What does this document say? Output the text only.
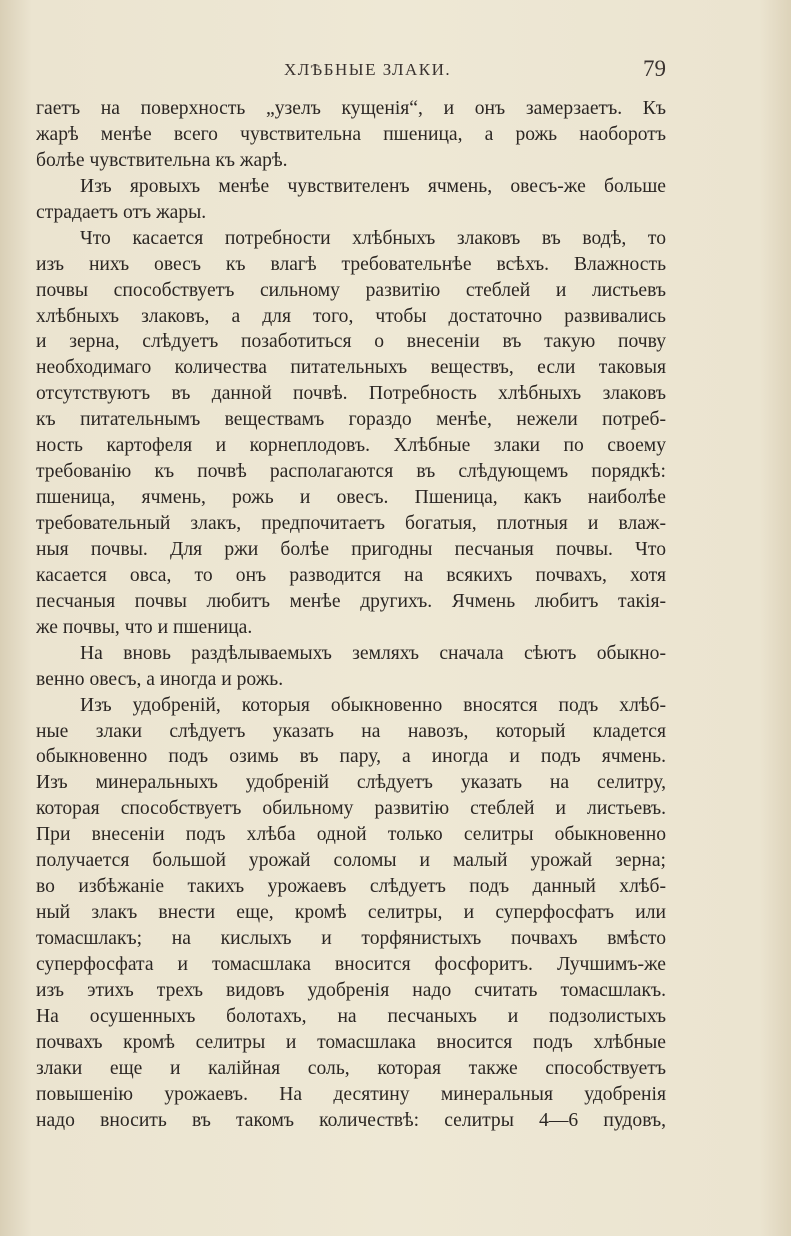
ХЛѢБНЫЕ ЗЛАКИ.	79
гаетъ на поверхность „узелъ кущенія“, и онъ замерзаетъ. Къ
жарѣ менѣе всего чувствительна пшеница, а рожь наоборотъ
болѣе чувствительна къ жарѣ.
Изъ яровыхъ менѣе чувствителенъ ячмень, овесъ-же больше
страдаетъ отъ жары.
Что касается потребности хлѣбныхъ злаковъ въ водѣ, то
изъ нихъ овесъ къ влагѣ требовательнѣе всѣхъ. Влажность
почвы способствуетъ сильному развитію стеблей и листьевъ
хлѣбныхъ злаковъ, а для того, чтобы достаточно развивались
и зерна, слѣдуетъ позаботиться о внесеніи въ такую почву
необходимаго количества питательныхъ веществъ, если таковыя
отсутствуютъ въ данной почвѣ. Потребность хлѣбныхъ злаковъ
къ питательнымъ веществамъ гораздо менѣе, нежели потреб-
ность картофеля и корнеплодовъ. Хлѣбные злаки по своему
требованію къ почвѣ располагаются въ слѣдующемъ порядкѣ:
пшеница, ячмень, рожь и овесъ. Пшеница, какъ наиболѣе
требовательный злакъ, предпочитаетъ богатыя, плотныя и влаж-
ныя почвы. Для ржи болѣе пригодны песчаныя почвы. Что
касается овса, то онъ разводится на всякихъ почвахъ, хотя
песчаныя почвы любитъ менѣе другихъ. Ячмень любитъ такія-
же почвы, что и пшеница.
На вновь раздѣлываемыхъ земляхъ сначала сѣютъ обыкно-
венно овесъ, а иногда и рожь.
Изъ удобреній, которыя обыкновенно вносятся подъ хлѣб-
ные злаки слѣдуетъ указать на навозъ, который кладется
обыкновенно подъ озимь въ пару, а иногда и подъ ячмень.
Изъ минеральныхъ удобреній слѣдуетъ указать на селитру,
которая способствуетъ обильному развитію стеблей и листьевъ.
При внесеніи подъ хлѣба одной только селитры обыкновенно
получается большой урожай соломы и малый урожай зерна;
во избѣжаніе такихъ урожаевъ слѣдуетъ подъ данный хлѣб-
ный злакъ внести еще, кромѣ селитры, и суперфосфатъ или
томасшлакъ; на кислыхъ и торфянистыхъ почвахъ вмѣсто
суперфосфата и томасшлака вносится фосфоритъ. Лучшимъ-же
изъ этихъ трехъ видовъ удобренія надо считать томасшлакъ.
На осушенныхъ болотахъ, на песчаныхъ и подзолистыхъ
почвахъ кромѣ селитры и томасшлака вносится подъ хлѣбные
злаки еще и калійная соль, которая также способствуетъ
повышенію урожаевъ. На десятину минеральныя удобренія
надо вносить въ такомъ количествѣ: селитры 4—6 пудовъ,
